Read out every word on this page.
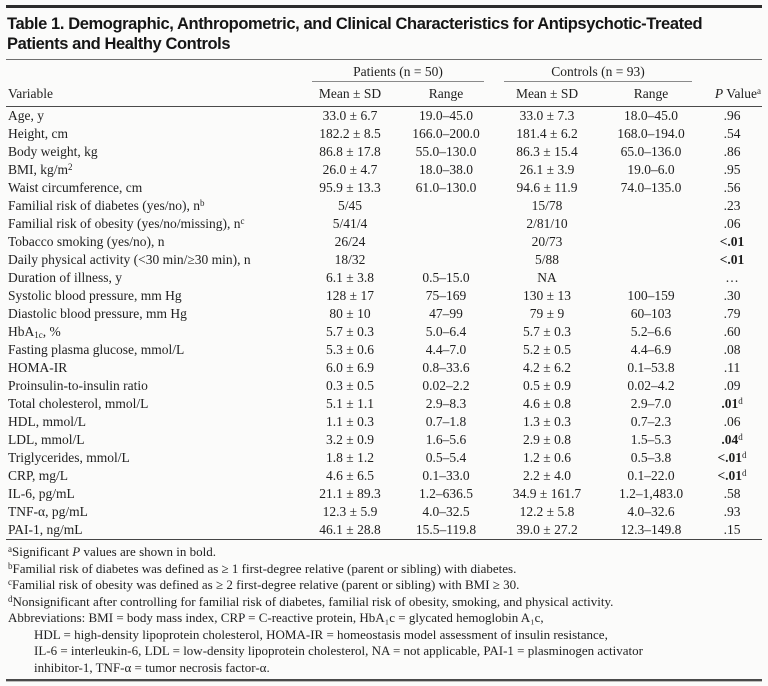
Table 1. Demographic, Anthropometric, and Clinical Characteristics for Antipsychotic-Treated Patients and Healthy Controls

	Patients (n = 50)		Controls (n = 93)		

Variable	Mean ± SD	Range	Mean ± SD	Range	P Value$^a$
Age, y	33.0 ± 6.7	19.0–45.0	33.0 ± 7.3	18.0–45.0	.96
Height, cm	182.2 ± 8.5	166.0–200.0	181.4 ± 6.2	168.0–194.0	.54
Body weight, kg	86.8 ± 17.8	55.0–130.0	86.3 ± 15.4	65.0–136.0	.86
BMI, $kg/m^2$	26.0 ± 4.7	18.0–38.0	26.1 ± 3.9	19.0–6.0	.95
Waist circumference, cm	95.9 ± 13.3	61.0–130.0	94.6 ± 11.9	74.0–135.0	.56
Familial risk of diabetes (yes/no), $n^b$	5/45		15/78		.23
Familial risk of obesity (yes/no/missing), $n^c$	5/41/4		2/81/10		.06
Tobacco smoking (yes/no), n	26/24		20/73		<.01
Daily physical activity (<30 min/≥30 min), n	18/32		5/88		<.01
Duration of illness, y	6.1 ± 3.8	0.5–15.0	NA		…
Systolic blood pressure, mm Hg	128 ± 17	75–169	130 ± 13	100–159	.30
Diastolic blood pressure, mm Hg	80 ± 10	47–99	79 ± 9	60–103	.79
HbA$_{1c}$, %	5.7 ± 0.3	5.0–6.4	5.7 ± 0.3	5.2–6.6	.60
Fasting plasma glucose, mmol/L	5.3 ± 0.6	4.4–7.0	5.2 ± 0.5	4.4–6.9	.08
HOMA-IR	6.0 ± 6.9	0.8–33.6	4.2 ± 6.2	0.1–53.8	.11
Proinsulin-to-insulin ratio	0.3 ± 0.5	0.02–2.2	0.5 ± 0.9	0.02–4.2	.09
Total cholesterol, mmol/L	5.1 ± 1.1	2.9–8.3	4.6 ± 0.8	2.9–7.0	.01$^d$
HDL, mmol/L	1.1 ± 0.3	0.7–1.8	1.3 ± 0.3	0.7–2.3	.06
LDL, mmol/L	3.2 ± 0.9	1.6–5.6	2.9 ± 0.8	1.5–5.3	.04$^d$
Triglycerides, mmol/L	1.8 ± 1.2	0.5–5.4	1.2 ± 0.6	0.5–3.8	<.01$^d$
CRP, mg/L	4.6 ± 6.5	0.1–33.0	2.2 ± 4.0	0.1–22.0	<.01$^d$
IL-6, pg/mL	21.1 ± 89.3	1.2–636.5	34.9 ± 161.7	1.2–1,483.0	.58
TNF-α, pg/mL	12.3 ± 5.9	4.0–32.5	12.2 ± 5.8	4.0–32.6	.93
PAI-1, ng/mL	46.1 ± 28.8	15.5–119.8	39.0 ± 27.2	12.3–149.8	.15
$^a$Significant P values are shown in bold.
$^b$Familial risk of diabetes was defined as ≥ 1 first-degree relative (parent or sibling) with diabetes.
$^c$Familial risk of obesity was defined as ≥ 2 first-degree relative (parent or sibling) with BMI ≥ 30.
$^d$Nonsignificant after controlling for familial risk of diabetes, familial risk of obesity, smoking, and physical activity.
Abbreviations: BMI = body mass index, CRP = C-reactive protein, HbA₁c = glycated hemoglobin A₁c,
HDL = high-density lipoprotein cholesterol, HOMA-IR = homeostasis model assessment of insulin resistance,
IL-6 = interleukin-6, LDL = low-density lipoprotein cholesterol, NA = not applicable, PAI-1 = plasminogen activator
inhibitor-1, TNF-α = tumor necrosis factor-α.
